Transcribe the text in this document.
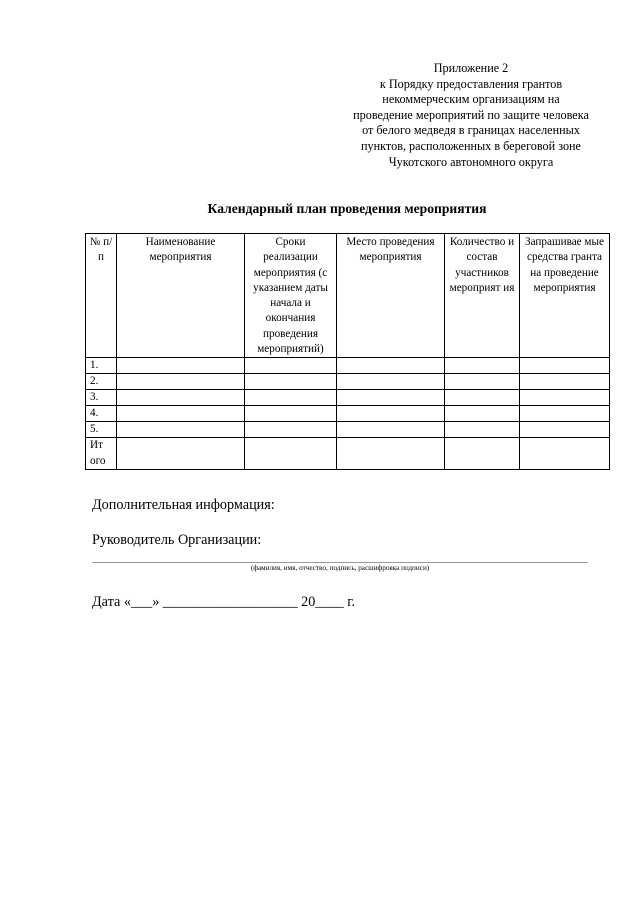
Приложение 2
к Порядку предоставления грантов
некоммерческим организациям на
проведение мероприятий по защите человека
от белого медведя в границах населенных
пунктов, расположенных в береговой зоне
Чукотского автономного округа
Календарный план проведения мероприятия
№ п/п	Наименование мероприятия	Сроки реализации мероприятия (с указанием даты начала и окончания проведения мероприятий)	Место проведения мероприятия	Количество и состав участников мероприят ия	Запрашивае мые средства гранта на проведение мероприятия
1.					
2.					
3.					
4.					
5.					
Ит ого					
Дополнительная информация:
Руководитель Организации:
(фамилия, имя, отчество, подпись, расшифровка подписи)
Дата «___» ___________________ 20____ г.
